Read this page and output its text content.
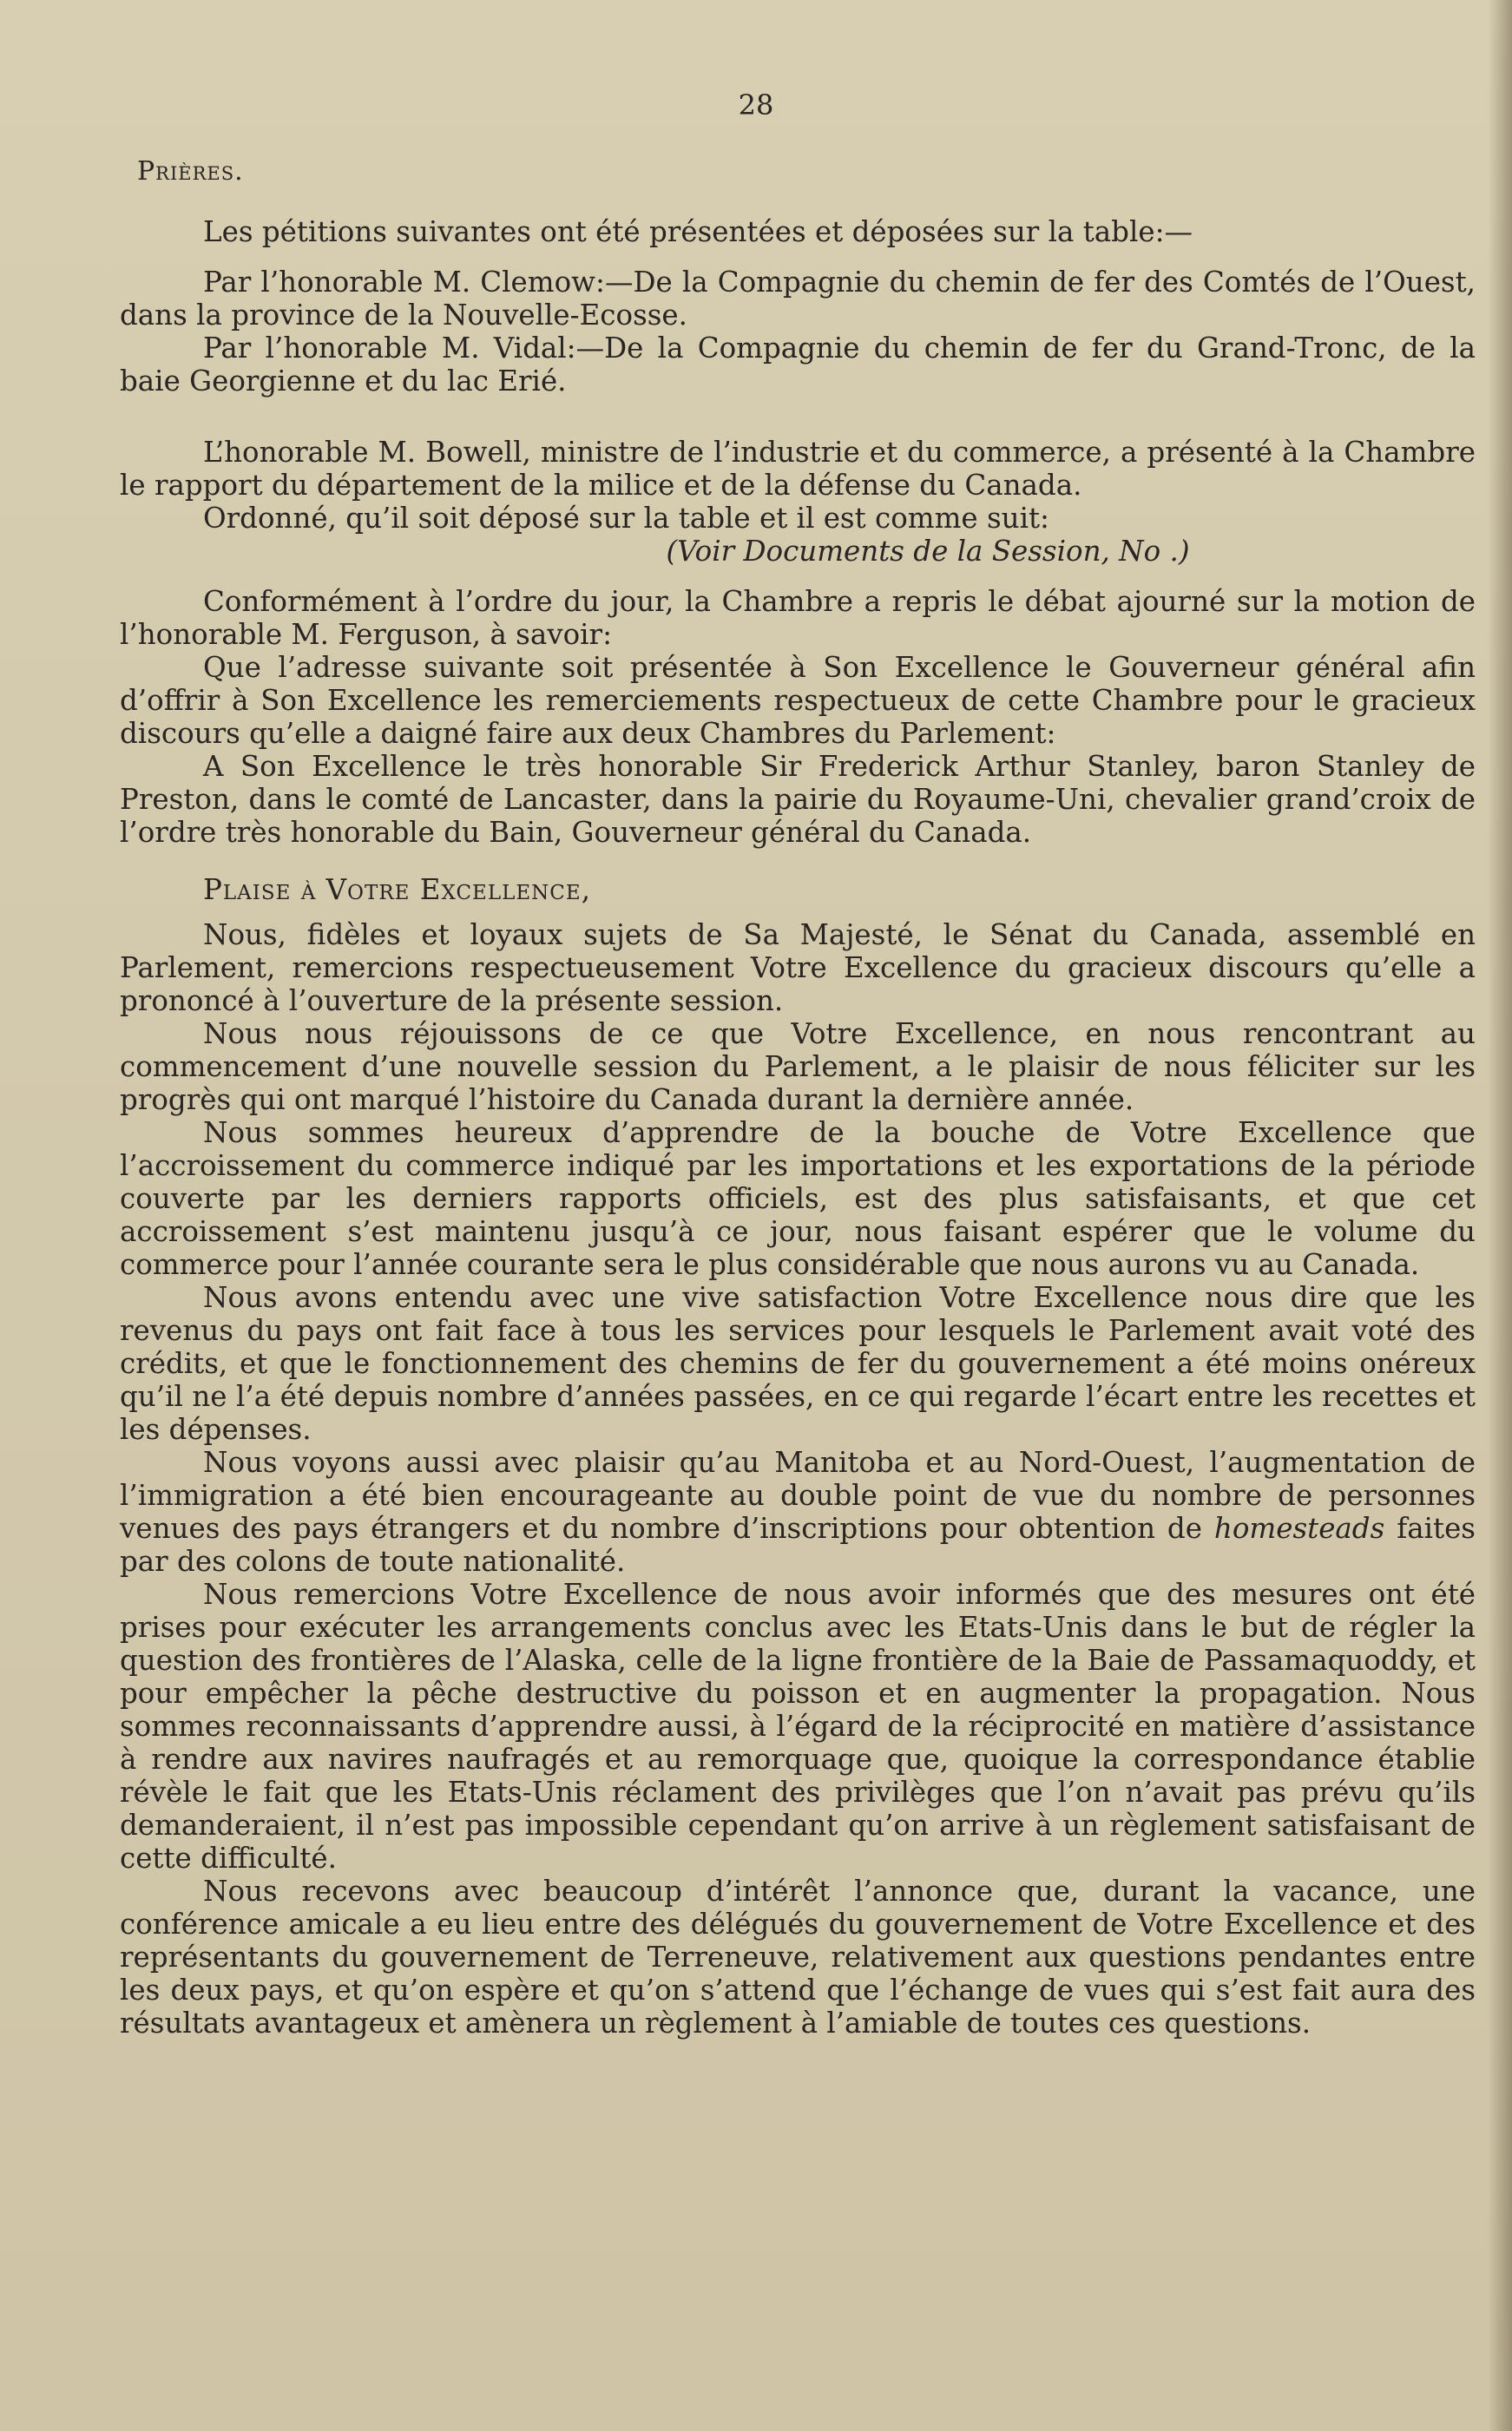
28
Prières.

Les pétitions suivantes ont été présentées et déposées sur la table:—

Par l’honorable M. Clemow:—De la Compagnie du chemin de fer des Comtés de l’Ouest, dans la province de la Nouvelle-Ecosse.

Par l’honorable M. Vidal:—De la Compagnie du chemin de fer du Grand-Tronc, de la baie Georgienne et du lac Erié.

L’honorable M. Bowell, ministre de l’industrie et du commerce, a présenté à la Chambre le rapport du département de la milice et de la défense du Canada.

Ordonné, qu’il soit déposé sur la table et il est comme suit:

(Voir Documents de la Session, No .)

Conformément à l’ordre du jour, la Chambre a repris le débat ajourné sur la motion de l’honorable M. Ferguson, à savoir:

Que l’adresse suivante soit présentée à Son Excellence le Gouverneur général afin d’offrir à Son Excellence les remerciements respectueux de cette Chambre pour le gracieux discours qu’elle a daigné faire aux deux Chambres du Parlement:

A Son Excellence le très honorable Sir Frederick Arthur Stanley, baron Stanley de Preston, dans le comté de Lancaster, dans la pairie du Royaume-Uni, chevalier grand’croix de l’ordre très honorable du Bain, Gouverneur général du Canada.

Plaise à Votre Excellence,

Nous, fidèles et loyaux sujets de Sa Majesté, le Sénat du Canada, assemblé en Parlement, remercions respectueusement Votre Excellence du gracieux discours qu’elle a prononcé à l’ouverture de la présente session.

Nous nous réjouissons de ce que Votre Excellence, en nous rencontrant au commencement d’une nouvelle session du Parlement, a le plaisir de nous féliciter sur les progrès qui ont marqué l’histoire du Canada durant la dernière année.

Nous sommes heureux d’apprendre de la bouche de Votre Excellence que l’accroissement du commerce indiqué par les importations et les exportations de la période couverte par les derniers rapports officiels, est des plus satisfaisants, et que cet accroissement s’est maintenu jusqu’à ce jour, nous faisant espérer que le volume du commerce pour l’année courante sera le plus considérable que nous aurons vu au Canada.

Nous avons entendu avec une vive satisfaction Votre Excellence nous dire que les revenus du pays ont fait face à tous les services pour lesquels le Parlement avait voté des crédits, et que le fonctionnement des chemins de fer du gouvernement a été moins onéreux qu’il ne l’a été depuis nombre d’années passées, en ce qui regarde l’écart entre les recettes et les dépenses.

Nous voyons aussi avec plaisir qu’au Manitoba et au Nord-Ouest, l’augmentation de l’immigration a été bien encourageante au double point de vue du nombre de personnes venues des pays étrangers et du nombre d’inscriptions pour obtention de homesteads faites par des colons de toute nationalité.

Nous remercions Votre Excellence de nous avoir informés que des mesures ont été prises pour exécuter les arrangements conclus avec les Etats-Unis dans le but de régler la question des frontières de l’Alaska, celle de la ligne frontière de la Baie de Passamaquoddy, et pour empêcher la pêche destructive du poisson et en augmenter la propagation. Nous sommes reconnaissants d’apprendre aussi, à l’égard de la réciprocité en matière d’assistance à rendre aux navires naufragés et au remorquage que, quoique la correspondance établie révèle le fait que les Etats-Unis réclament des privilèges que l’on n’avait pas prévu qu’ils demanderaient, il n’est pas impossible cependant qu’on arrive à un règlement satisfaisant de cette difficulté.

Nous recevons avec beaucoup d’intérêt l’annonce que, durant la vacance, une conférence amicale a eu lieu entre des délégués du gouvernement de Votre Excellence et des représentants du gouvernement de Terreneuve, relativement aux questions pendantes entre les deux pays, et qu’on espère et qu’on s’attend que l’échange de vues qui s’est fait aura des résultats avantageux et amènera un règlement à l’amiable de toutes ces questions.
